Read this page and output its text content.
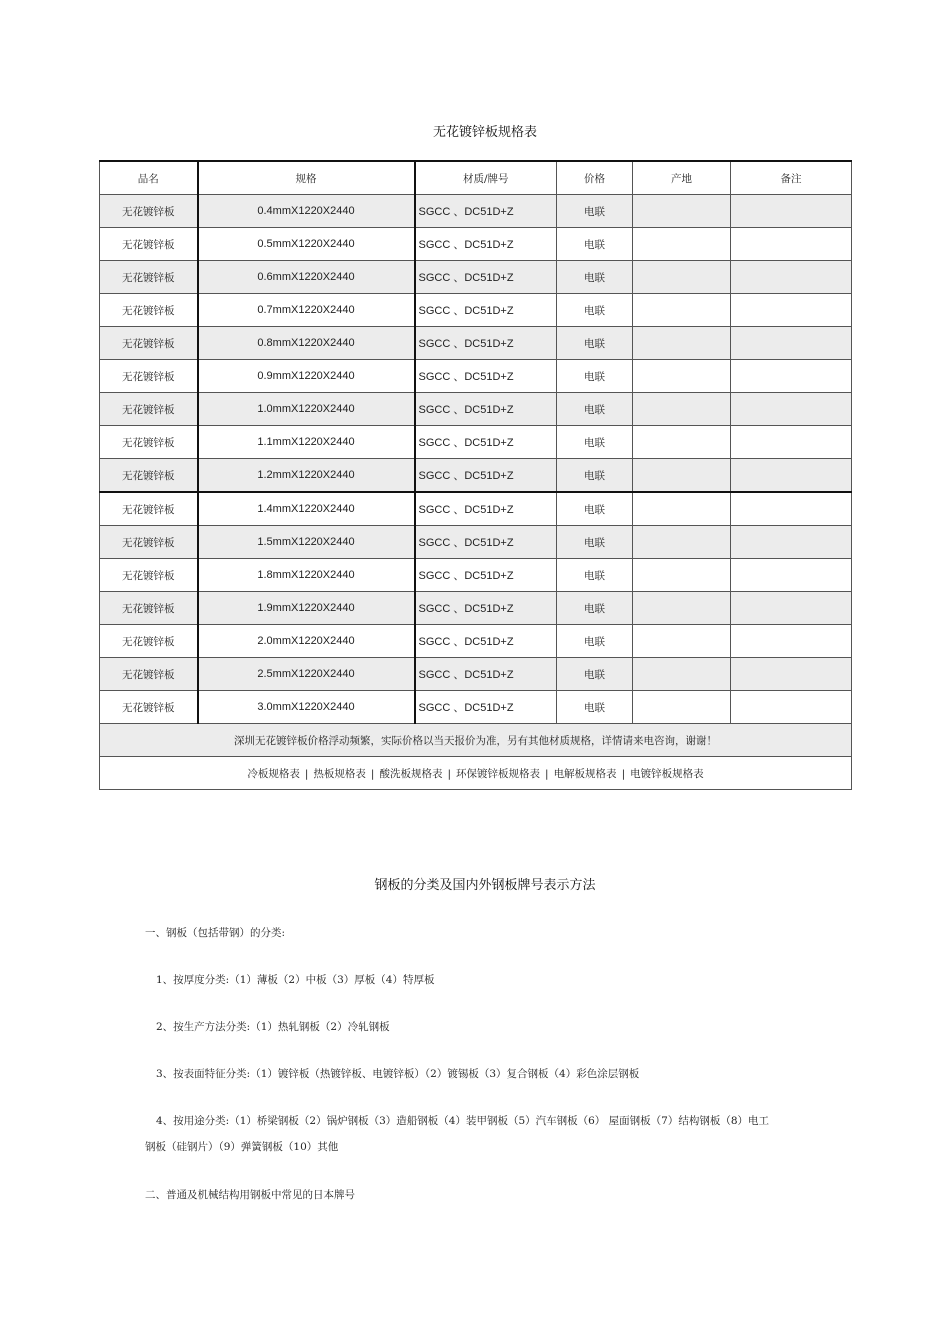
无花镀锌板规格表
品名	规格	材质/牌号	价格	产地	备注
无花镀锌板	0.4mmX1220X2440	SGCC 、DC51D+Z	电联		
无花镀锌板	0.5mmX1220X2440	SGCC 、DC51D+Z	电联		
无花镀锌板	0.6mmX1220X2440	SGCC 、DC51D+Z	电联		
无花镀锌板	0.7mmX1220X2440	SGCC 、DC51D+Z	电联		
无花镀锌板	0.8mmX1220X2440	SGCC 、DC51D+Z	电联		
无花镀锌板	0.9mmX1220X2440	SGCC 、DC51D+Z	电联		
无花镀锌板	1.0mmX1220X2440	SGCC 、DC51D+Z	电联		
无花镀锌板	1.1mmX1220X2440	SGCC 、DC51D+Z	电联		
无花镀锌板	1.2mmX1220X2440	SGCC 、DC51D+Z	电联		
无花镀锌板	1.4mmX1220X2440	SGCC 、DC51D+Z	电联		
无花镀锌板	1.5mmX1220X2440	SGCC 、DC51D+Z	电联		
无花镀锌板	1.8mmX1220X2440	SGCC 、DC51D+Z	电联		
无花镀锌板	1.9mmX1220X2440	SGCC 、DC51D+Z	电联		
无花镀锌板	2.0mmX1220X2440	SGCC 、DC51D+Z	电联		
无花镀锌板	2.5mmX1220X2440	SGCC 、DC51D+Z	电联		
无花镀锌板	3.0mmX1220X2440	SGCC 、DC51D+Z	电联		
深圳无花镀锌板价格浮动频繁，实际价格以当天报价为准，另有其他材质规格，详情请来电咨询，谢谢！					
冷板规格表 | 热板规格表 | 酸洗板规格表 | 环保镀锌板规格表 | 电解板规格表 | 电镀锌板规格表					
钢板的分类及国内外钢板牌号表示方法
一、钢板（包括带钢）的分类:
1、按厚度分类:（1）薄板（2）中板（3）厚板（4）特厚板
2、按生产方法分类:（1）热轧钢板（2）冷轧钢板
3、按表面特征分类:（1）镀锌板（热镀锌板、电镀锌板）（2）镀锡板（3）复合钢板（4）彩色涂层钢板
4、按用途分类:（1）桥梁钢板（2）锅炉钢板（3）造船钢板（4）装甲钢板（5）汽车钢板（6） 屋面钢板（7）结构钢板（8）电工
钢板（硅钢片）（9）弹簧钢板（10）其他
二、普通及机械结构用钢板中常见的日本牌号
